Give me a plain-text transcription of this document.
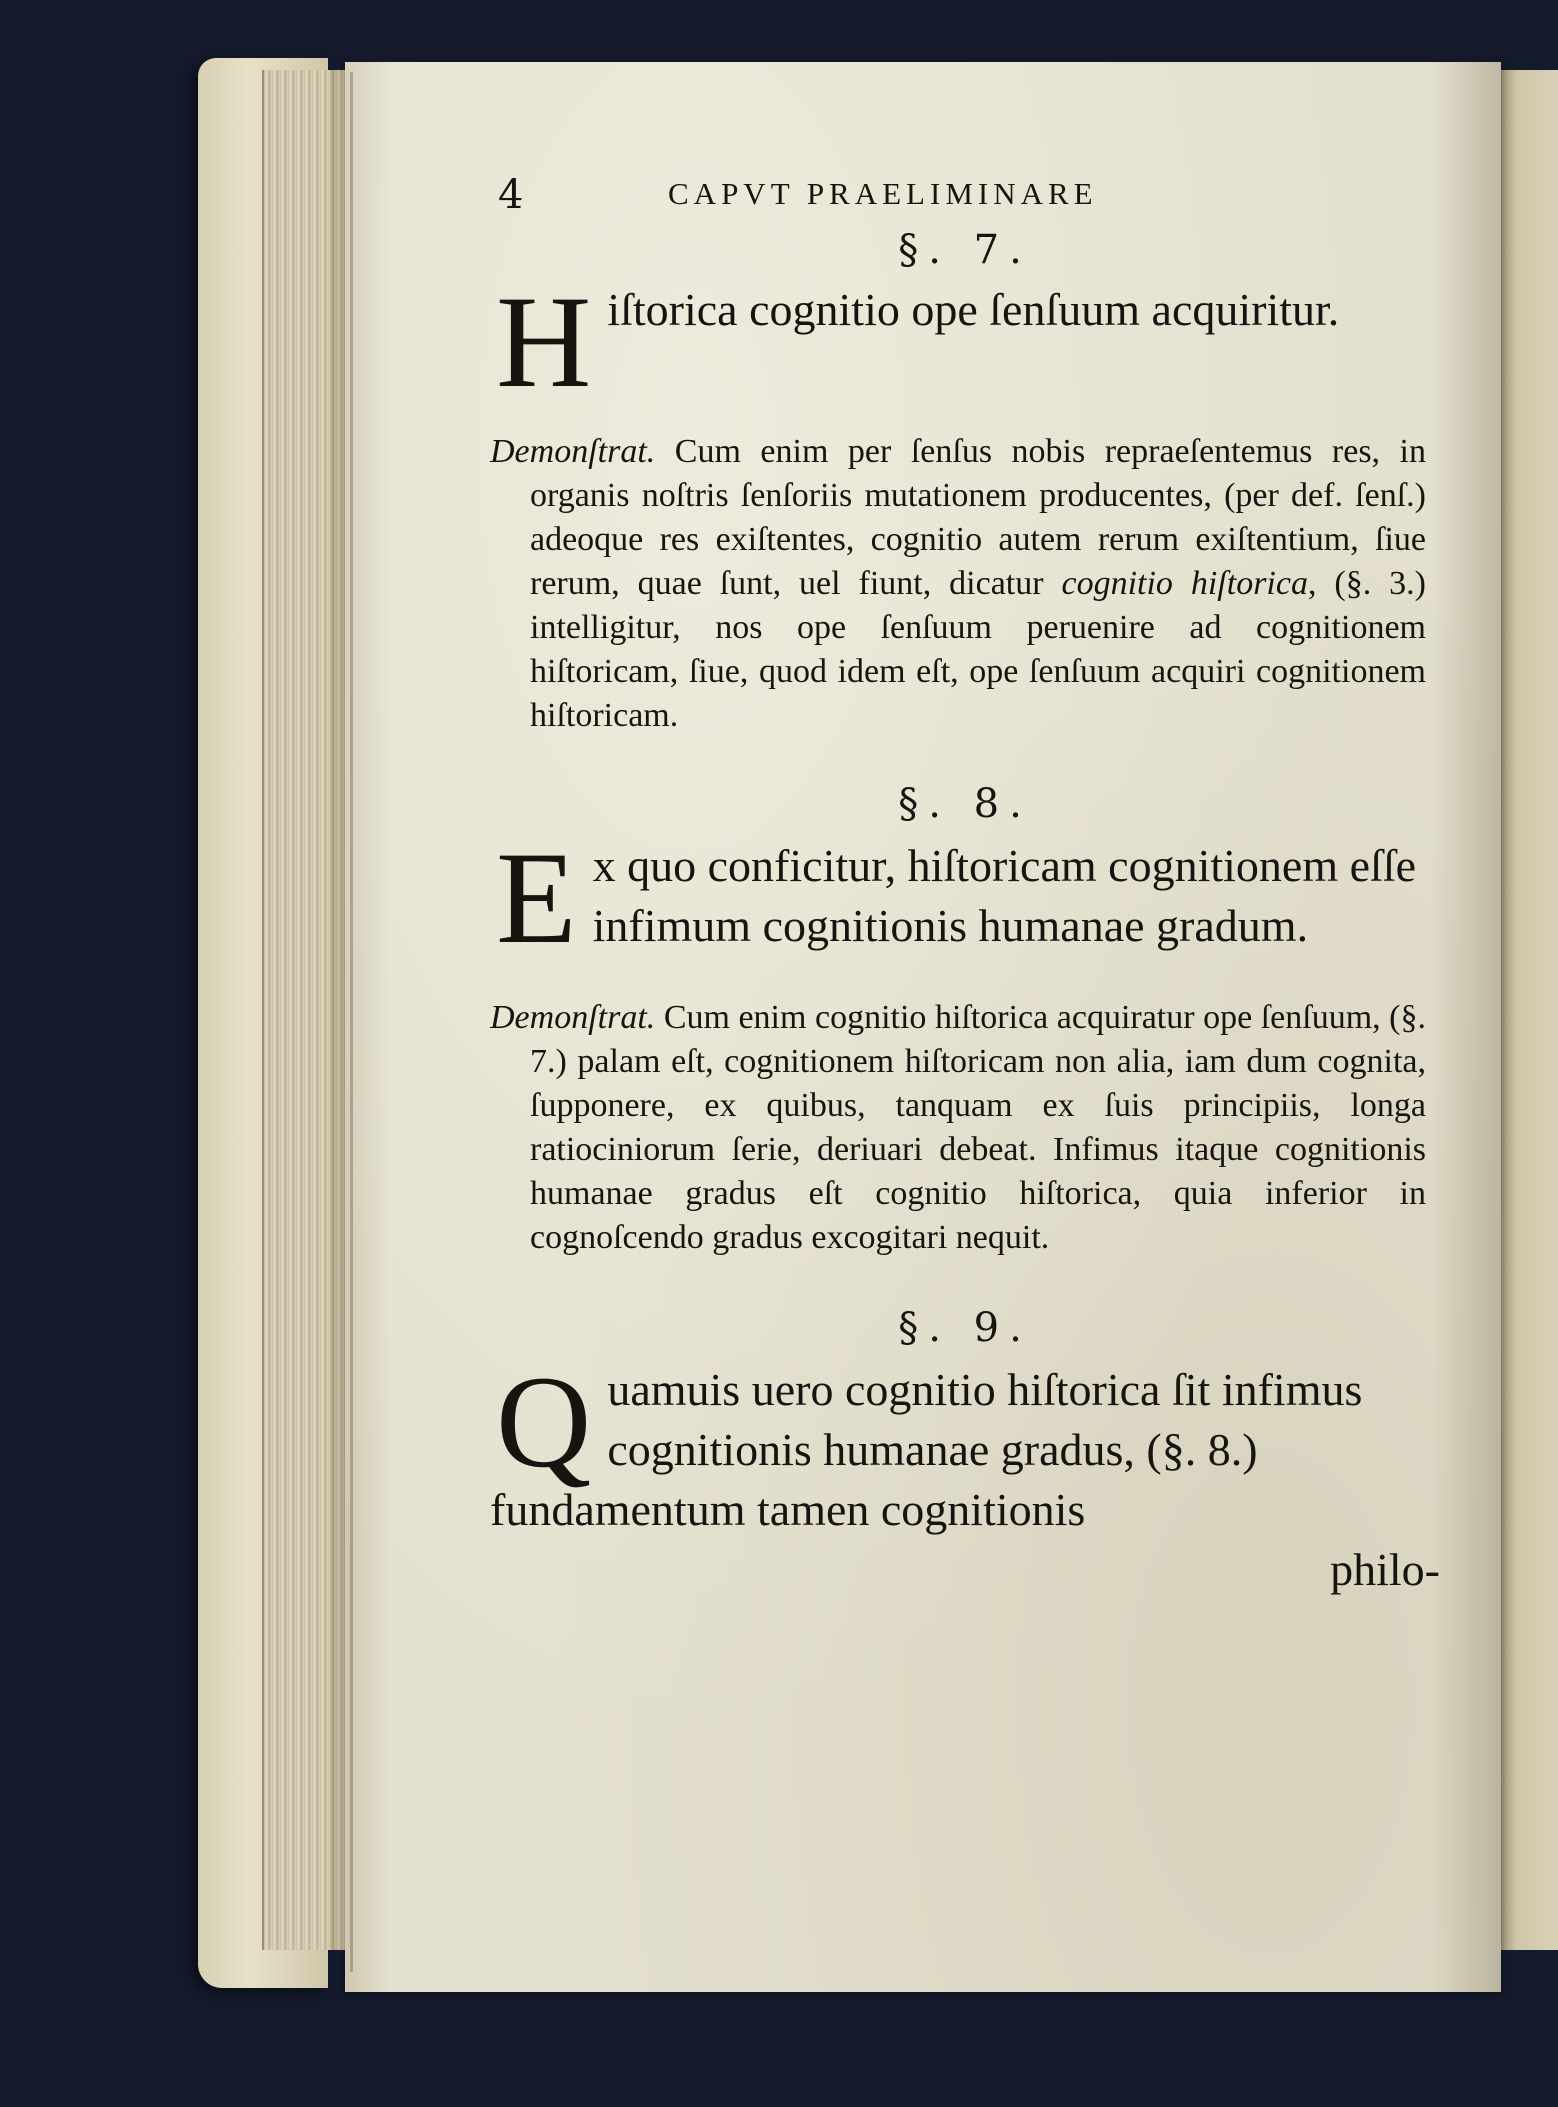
4	CAPVT PRAELIMINARE
§. 7.
H iſtorica cognitio ope ſenſuum acquiritur.
Demonſtrat. Cum enim per ſenſus nobis repraeſentemus res, in organis noſtris ſenſoriis mutationem producentes, (per def. ſenſ.) adeoque res exiſtentes, cognitio autem rerum exiſtentium, ſiue rerum, quae ſunt, uel fiunt, dicatur cognitio hiſtorica, (§. 3.) intelligitur, nos ope ſenſuum peruenire ad cognitionem hiſtoricam, ſiue, quod idem eſt, ope ſenſuum acquiri cognitionem hiſtoricam.
§. 8.
E x quo conficitur, hiſtoricam cognitionem eſſe infimum cognitionis humanae gradum.
Demonſtrat. Cum enim cognitio hiſtorica acquiratur ope ſenſuum, (§. 7.) palam eſt, cognitionem hiſtoricam non alia, iam dum cognita, ſupponere, ex quibus, tanquam ex ſuis principiis, longa ratiociniorum ſerie, deriuari debeat. Infimus itaque cognitionis humanae gradus eſt cognitio hiſtorica, quia inferior in cognoſcendo gradus excogitari nequit.
§. 9.
Q uamuis uero cognitio hiſtorica ſit infimus cognitionis humanae gradus, (§. 8.) fundamentum tamen cognitionis
philo-
